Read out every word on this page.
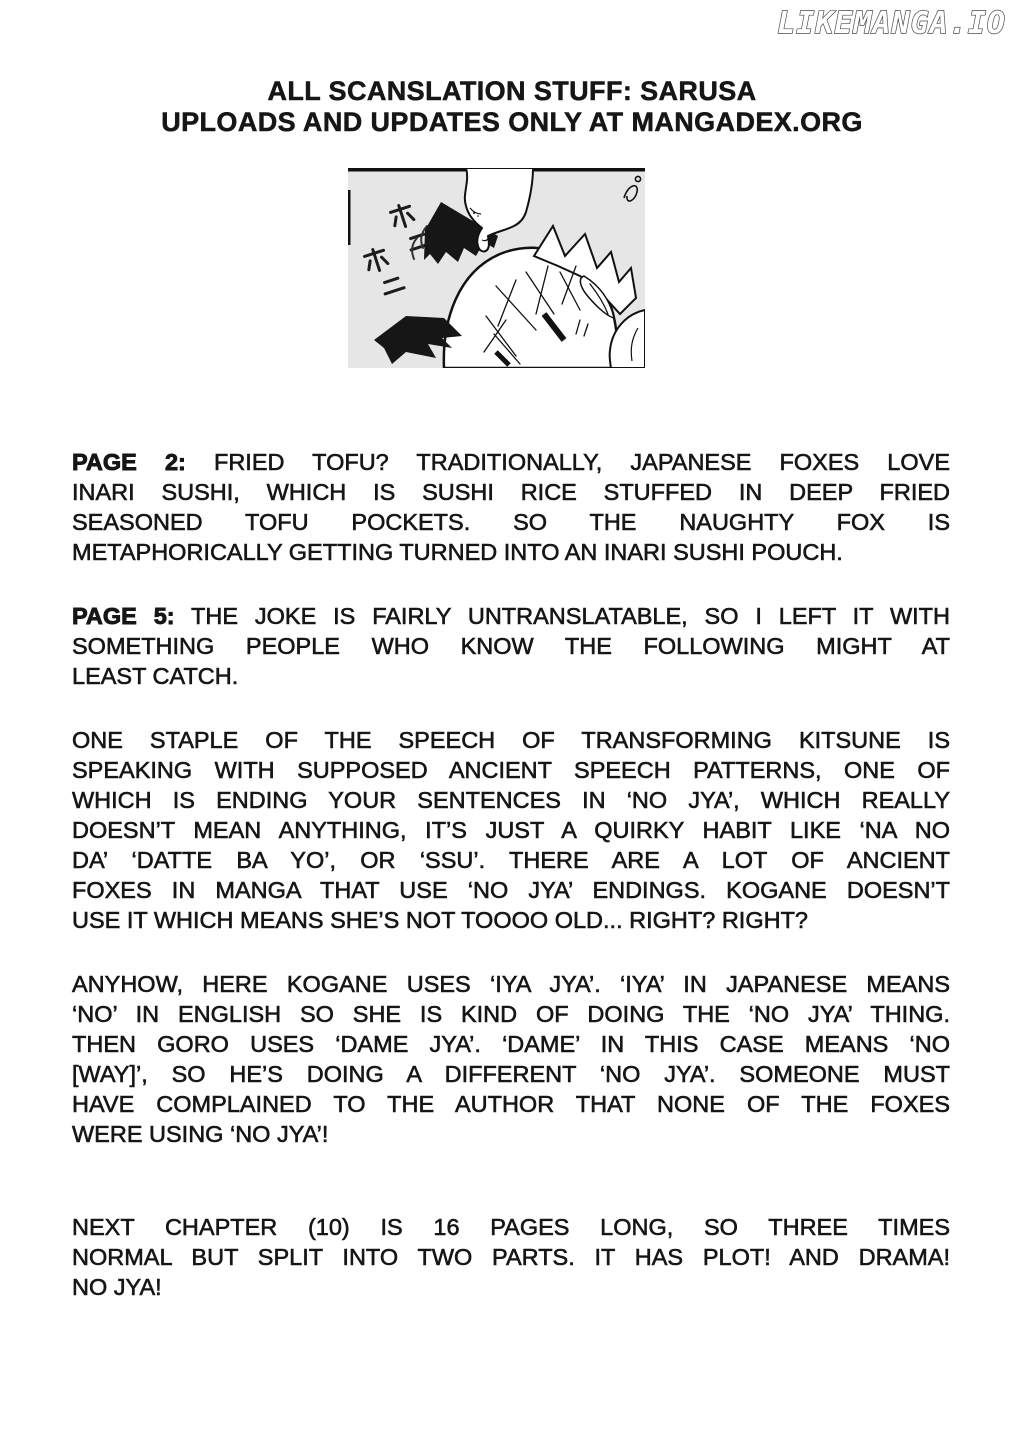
LIKEMANGA.IO
ALL SCANSLATION STUFF: SARUSA
UPLOADS AND UPDATES ONLY AT MANGADEX.ORG
PAGE 2: FRIED TOFU? TRADITIONALLY, JAPANESE FOXES LOVE
INARI SUSHI, WHICH IS SUSHI RICE STUFFED IN DEEP FRIED
SEASONED TOFU POCKETS. SO THE NAUGHTY FOX IS
METAPHORICALLY GETTING TURNED INTO AN INARI SUSHI POUCH.
PAGE 5: THE JOKE IS FAIRLY UNTRANSLATABLE, SO I LEFT IT WITH
SOMETHING PEOPLE WHO KNOW THE FOLLOWING MIGHT AT
LEAST CATCH.
ONE STAPLE OF THE SPEECH OF TRANSFORMING KITSUNE IS
SPEAKING WITH SUPPOSED ANCIENT SPEECH PATTERNS, ONE OF
WHICH IS ENDING YOUR SENTENCES IN ‘NO JYA’, WHICH REALLY
DOESN’T MEAN ANYTHING, IT’S JUST A QUIRKY HABIT LIKE ‘NA NO
DA’ ‘DATTE BA YO’, OR ‘SSU’. THERE ARE A LOT OF ANCIENT
FOXES IN MANGA THAT USE ‘NO JYA’ ENDINGS. KOGANE DOESN’T
USE IT WHICH MEANS SHE’S NOT TOOOO OLD... RIGHT? RIGHT?
ANYHOW, HERE KOGANE USES ‘IYA JYA’. ‘IYA’ IN JAPANESE MEANS
‘NO’ IN ENGLISH SO SHE IS KIND OF DOING THE ‘NO JYA’ THING.
THEN GORO USES ‘DAME JYA’. ‘DAME’ IN THIS CASE MEANS ‘NO
[WAY]’, SO HE’S DOING A DIFFERENT ‘NO JYA’. SOMEONE MUST
HAVE COMPLAINED TO THE AUTHOR THAT NONE OF THE FOXES
WERE USING ‘NO JYA’!
NEXT CHAPTER (10) IS 16 PAGES LONG, SO THREE TIMES
NORMAL BUT SPLIT INTO TWO PARTS. IT HAS PLOT! AND DRAMA!
NO JYA!
